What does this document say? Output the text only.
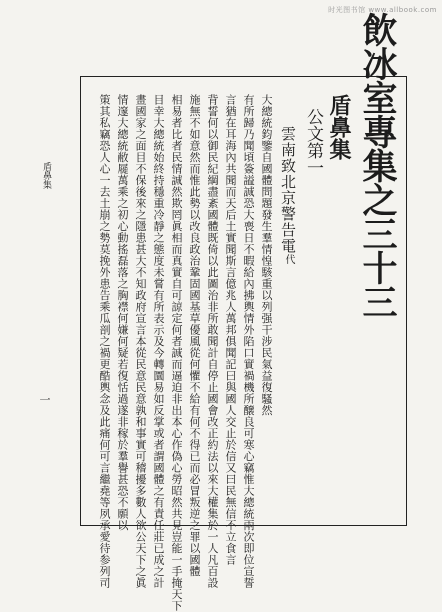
时光图书馆 www.allbook.com
飲冰室專集之三十三
盾鼻集
公文第一
雲南致北京警告電代
大總統鈞鑒自國體問題發生羣情惶駭重以列强干涉民氣益復騷然
有所歸乃聞頃簽謚誠恐大喪日不暇給內拂輿情外陷口實禍機所醸良可寒心竊惟大總統兩次即位宣誓
言猶在耳海內共聞而天后土實聞斯言億兆人萬邦俱聞記曰與國人交止於信又曰民無信不立食言
背誓何以御民紀綱盡紊國體既倚以此圖治非所敢聞計自停止國會改正約法以來大權集於一人凡百設
施無不如意然而惟此勢以改良政治鞏固國基草優風從何懼不給有何不得已而必冒叛逆之罪以國體
相易者比者民情誠然欺罔眞相而真實自可諒定何者誠而逼迫非出本心作偽心勞昭然共見豈能一手掩天下
目幸大總統始終持穩重冷靜之態度未嘗有所表示及今轉圜易如反掌或者謂國體之有責任莊已成之計
畫國家之面目不保後來之隱患甚大不知政府宣言本從民意民意孰和事實可稽擾多數人欲公天下之眞
情邃大總統敝屣萬乘之初心動搖磊落之胸襟何嫌何疑若復恬過遂非稼於羣譽甚恐不願以
策其私竊恐人心一去土崩之勢莫挽外患告乘瓜剖之禍更酷輿念及此痛何可言繼堯等夙承愛待参列司
盾鼻集
一
